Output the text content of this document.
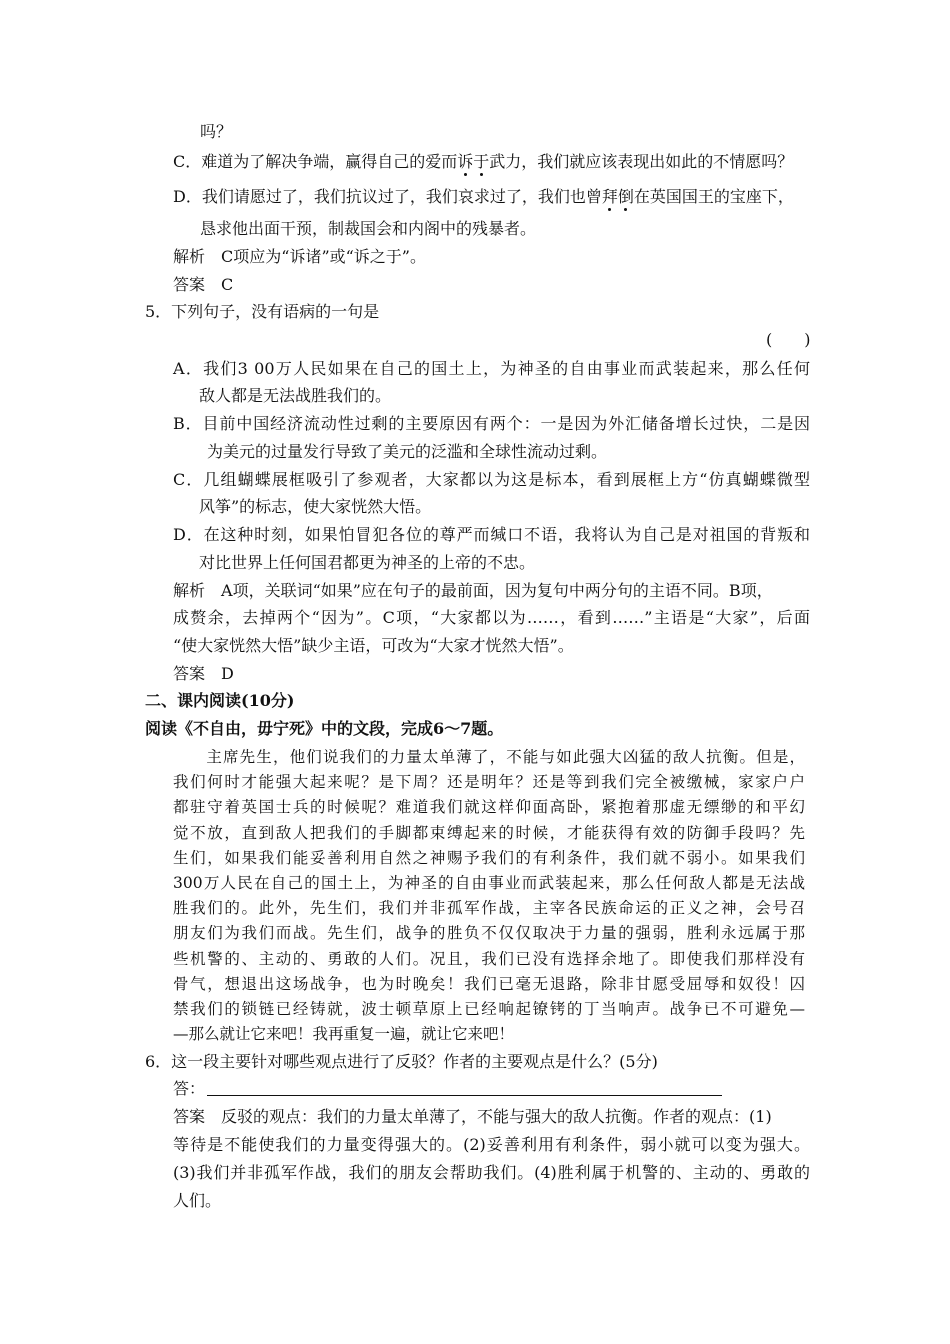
吗？
C．难道为了解决争端，赢得自己的爱而诉于武力，我们就应该表现出如此的不情愿吗？
D．我们请愿过了，我们抗议过了，我们哀求过了，我们也曾拜倒在英国国王的宝座下，
恳求他出面干预，制裁国会和内阁中的残暴者。
解析 C项应为“诉诸”或“诉之于”。
答案 C
5．下列句子，没有语病的一句是
(　　)
A．我们3 00万人民如果在自己的国土上，为神圣的自由事业而武装起来，那么任何
敌人都是无法战胜我们的。
B．目前中国经济流动性过剩的主要原因有两个：一是因为外汇储备增长过快，二是因
为美元的过量发行导致了美元的泛滥和全球性流动过剩。
C．几组蝴蝶展框吸引了参观者，大家都以为这是标本，看到展框上方“仿真蝴蝶微型
风筝”的标志，使大家恍然大悟。
D．在这种时刻，如果怕冒犯各位的尊严而缄口不语，我将认为自己是对祖国的背叛和
对比世界上任何国君都更为神圣的上帝的不忠。
解析 A项，关联词“如果”应在句子的最前面，因为复句中两分句的主语不同。B项，
成赘余，去掉两个“因为”。C项，“大家都以为……，看到……”主语是“大家”，后面
“使大家恍然大悟”缺少主语，可改为“大家才恍然大悟”。
答案 D
二、课内阅读(10分)
阅读《不自由，毋宁死》中的文段，完成6～7题。
　　主席先生，他们说我们的力量太单薄了，不能与如此强大凶猛的敌人抗衡。但是，
我们何时才能强大起来呢？是下周？还是明年？还是等到我们完全被缴械，家家户户
都驻守着英国士兵的时候呢？难道我们就这样仰面高卧，紧抱着那虚无缥缈的和平幻
觉不放，直到敌人把我们的手脚都束缚起来的时候，才能获得有效的防御手段吗？先
生们，如果我们能妥善利用自然之神赐予我们的有利条件，我们就不弱小。如果我们
300万人民在自己的国土上，为神圣的自由事业而武装起来，那么任何敌人都是无法战
胜我们的。此外，先生们，我们并非孤军作战，主宰各民族命运的正义之神，会号召
朋友们为我们而战。先生们，战争的胜负不仅仅取决于力量的强弱，胜利永远属于那
些机警的、主动的、勇敢的人们。况且，我们已没有选择余地了。即使我们那样没有
骨气，想退出这场战争，也为时晚矣！我们已毫无退路，除非甘愿受屈辱和奴役！囚
禁我们的锁链已经铸就，波士顿草原上已经响起镣铐的丁当响声。战争已不可避免—
—那么就让它来吧！我再重复一遍，就让它来吧！
6．这一段主要针对哪些观点进行了反驳？作者的主要观点是什么？(5分)
答：
答案 反驳的观点：我们的力量太单薄了，不能与强大的敌人抗衡。作者的观点：(1)
等待是不能使我们的力量变得强大的。(2)妥善利用有利条件，弱小就可以变为强大。
(3)我们并非孤军作战，我们的朋友会帮助我们。(4)胜利属于机警的、主动的、勇敢的
人们。
